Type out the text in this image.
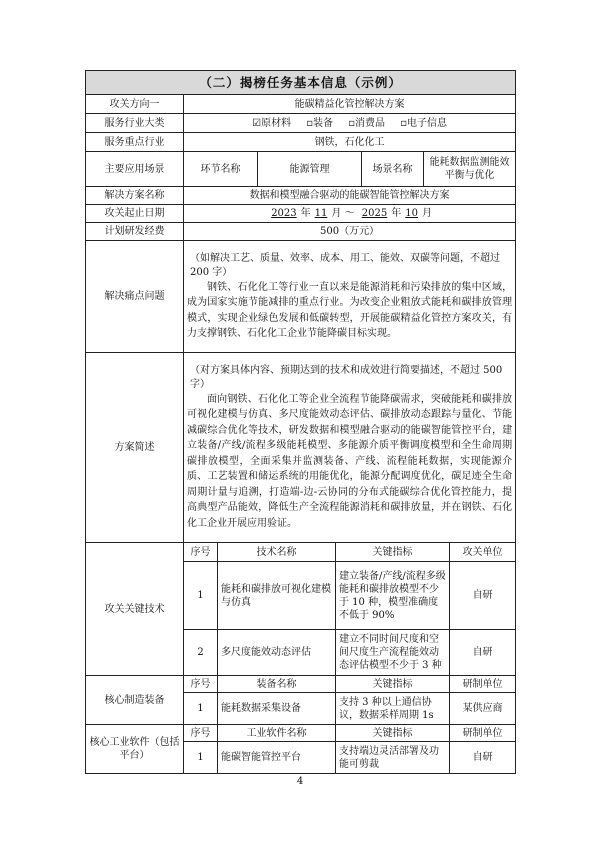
（二）揭榜任务基本信息（示例）							
攻关方向一	能碳精益化管控解决方案						
服务行业大类	☑原材料 ▫装备 ▫消费品 ▫电子信息						
服务重点行业	钢铁，石化化工						
主要应用场景	环节名称		能源管理		场景名称	能耗数据监测能效平衡与优化	
解决方案名称	数据和模型融合驱动的能碳智能管控解决方案						
攻关起止日期	2023 年 11 月 ～ 2025 年 10 月						
计划研发经费	500（万元）						
解决痛点问题	（如解决工艺、质量、效率、成本、用工、能效、双碳等问题，不超过 200 字）
钢铁、石化化工等行业一直以来是能源消耗和污染排放的集中区域，成为国家实施节能减排的重点行业。为改变企业粗放式能耗和碳排放管理模式，实现企业绿色发展和低碳转型，开展能碳精益化管控方案攻关，有力支撑钢铁、石化化工企业节能降碳目标实现。						

方案简述	（对方案具体内容、预期达到的技术和成效进行简要描述，不超过 500 字）
面向钢铁、石化化工等企业全流程节能降碳需求，突破能耗和碳排放可视化建模与仿真、多尺度能效动态评估、碳排放动态跟踪与量化、节能减碳综合优化等技术，研发数据和模型融合驱动的能碳智能管控平台，建立装备/产线/流程多级能耗模型、多能源介质平衡调度模型和全生命周期碳排放模型，全面采集并监测装备、产线、流程能耗数据，实现能源介质、工艺装置和储运系统的用能优化，能源分配调度优化，碳足迹全生命周期计量与追溯，打造端-边-云协同的分布式能碳综合优化管控能力，提高典型产品能效，降低生产全流程能源消耗和碳排放量，并在钢铁、石化化工企业开展应用验证。						

攻关关键技术	序号	技术名称		关键指标			攻关单位
	1	能耗和碳排放可视化建模与仿真		建立装备/产线/流程多级能耗和碳排放模型不少于 10 种，模型准确度不低于 90%			自研
	2	多尺度能效动态评估		建立不同时间尺度和空间尺度生产流程能效动态评估模型不少于 3 种			自研
核心制造装备	序号	装备名称		关键指标			研制单位
	1	能耗数据采集设备		支持 3 种以上通信协议，数据采样周期 1s			某供应商
核心工业软件（包括平台）	序号	工业软件名称		关键指标			研制单位
	1	能碳智能管控平台		支持端边灵活部署及功能可剪裁			自研
4
